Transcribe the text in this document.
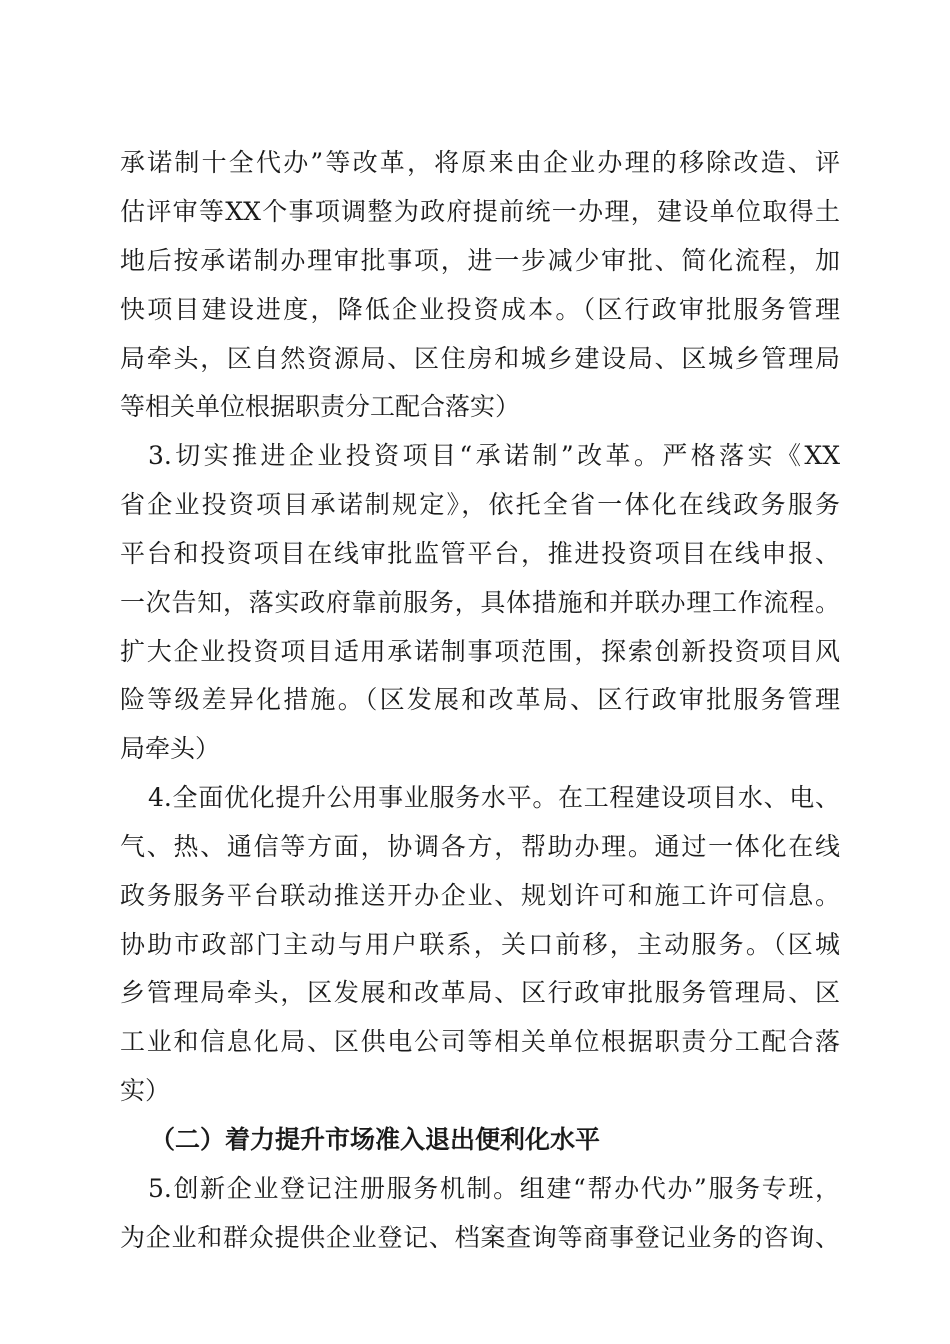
承诺制十全代办”等改革，将原来由企业办理的移除改造、评
估评审等XX个事项调整为政府提前统一办理，建设单位取得土
地后按承诺制办理审批事项，进一步减少审批、简化流程，加
快项目建设进度，降低企业投资成本。（区行政审批服务管理
局牵头，区自然资源局、区住房和城乡建设局、区城乡管理局
等相关单位根据职责分工配合落实）
3.切实推进企业投资项目“承诺制”改革。严格落实《XX
省企业投资项目承诺制规定》，依托全省一体化在线政务服务
平台和投资项目在线审批监管平台，推进投资项目在线申报、
一次告知，落实政府靠前服务，具体措施和并联办理工作流程。
扩大企业投资项目适用承诺制事项范围，探索创新投资项目风
险等级差异化措施。（区发展和改革局、区行政审批服务管理
局牵头）
4.全面优化提升公用事业服务水平。在工程建设项目水、电、
气、热、通信等方面，协调各方，帮助办理。通过一体化在线
政务服务平台联动推送开办企业、规划许可和施工许可信息。
协助市政部门主动与用户联系，关口前移，主动服务。（区城
乡管理局牵头，区发展和改革局、区行政审批服务管理局、区
工业和信息化局、区供电公司等相关单位根据职责分工配合落
实）
（二）着力提升市场准入退出便利化水平
5.创新企业登记注册服务机制。组建“帮办代办”服务专班，
为企业和群众提供企业登记、档案查询等商事登记业务的咨询、
